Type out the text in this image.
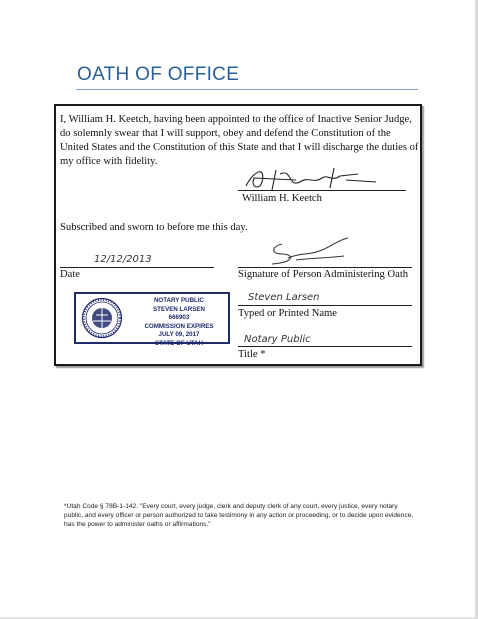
OATH OF OFFICE

I, William H. Keetch, having been appointed to the office of Inactive Senior Judge, do solemnly swear that I will support, obey and defend the Constitution of the United States and the Constitution of this State and that I will discharge the duties of my office with fidelity.

William H. Keetch
Subscribed and sworn to before me this day.
12/12/2013
Date	Signature of Person Administering Oath
Steven Larsen
Typed or Printed Name
Notary Public
Title *
NOTARY PUBLIC
STEVEN LARSEN
666903
COMMISSION EXPIRES
JULY 09, 2017
STATE OF UTAH

*Utah Code § 78B-1-142. "Every court, every judge, clerk and deputy clerk of any court, every justice, every notary public, and every officer or person authorized to take testimony in any action or proceeding, or to decide upon evidence, has the power to administer oaths or affirmations."
